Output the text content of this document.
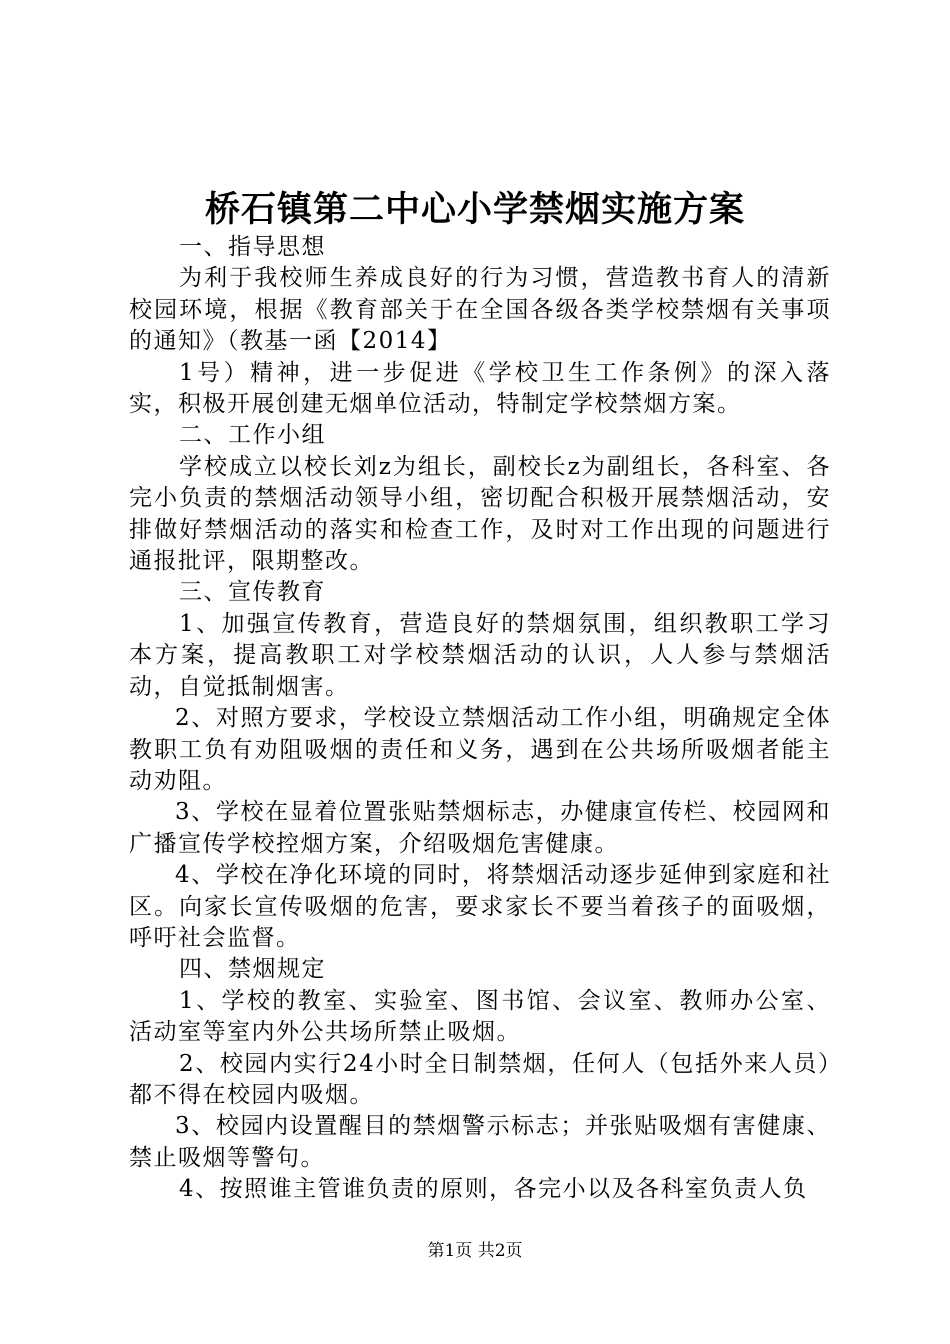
桥石镇第二中心小学禁烟实施方案

一、指导思想

为利于我校师生养成良好的行为习惯，营造教书育人的清新校园环境，根据《教育部关于在全国各级各类学校禁烟有关事项的通知》（教基一函【2014】

1号）精神，进一步促进《学校卫生工作条例》的深入落实，积极开展创建无烟单位活动，特制定学校禁烟方案。

二、工作小组

学校成立以校长刘z为组长，副校长z为副组长，各科室、各完小负责的禁烟活动领导小组，密切配合积极开展禁烟活动，安排做好禁烟活动的落实和检查工作，及时对工作出现的问题进行通报批评，限期整改。

三、宣传教育

1、加强宣传教育，营造良好的禁烟氛围，组织教职工学习本方案，提高教职工对学校禁烟活动的认识，人人参与禁烟活动，自觉抵制烟害。

2、对照方要求，学校设立禁烟活动工作小组，明确规定全体教职工负有劝阻吸烟的责任和义务，遇到在公共场所吸烟者能主动劝阻。

3、学校在显着位置张贴禁烟标志，办健康宣传栏、校园网和广播宣传学校控烟方案，介绍吸烟危害健康。

4、学校在净化环境的同时，将禁烟活动逐步延伸到家庭和社区。向家长宣传吸烟的危害，要求家长不要当着孩子的面吸烟，呼吁社会监督。

四、禁烟规定

1、学校的教室、实验室、图书馆、会议室、教师办公室、活动室等室内外公共场所禁止吸烟。

2、校园内实行24小时全日制禁烟，任何人（包括外来人员）都不得在校园内吸烟。

3、校园内设置醒目的禁烟警示标志；并张贴吸烟有害健康、禁止吸烟等警句。

4、按照谁主管谁负责的原则，各完小以及各科室负责人负

第1页 共2页
